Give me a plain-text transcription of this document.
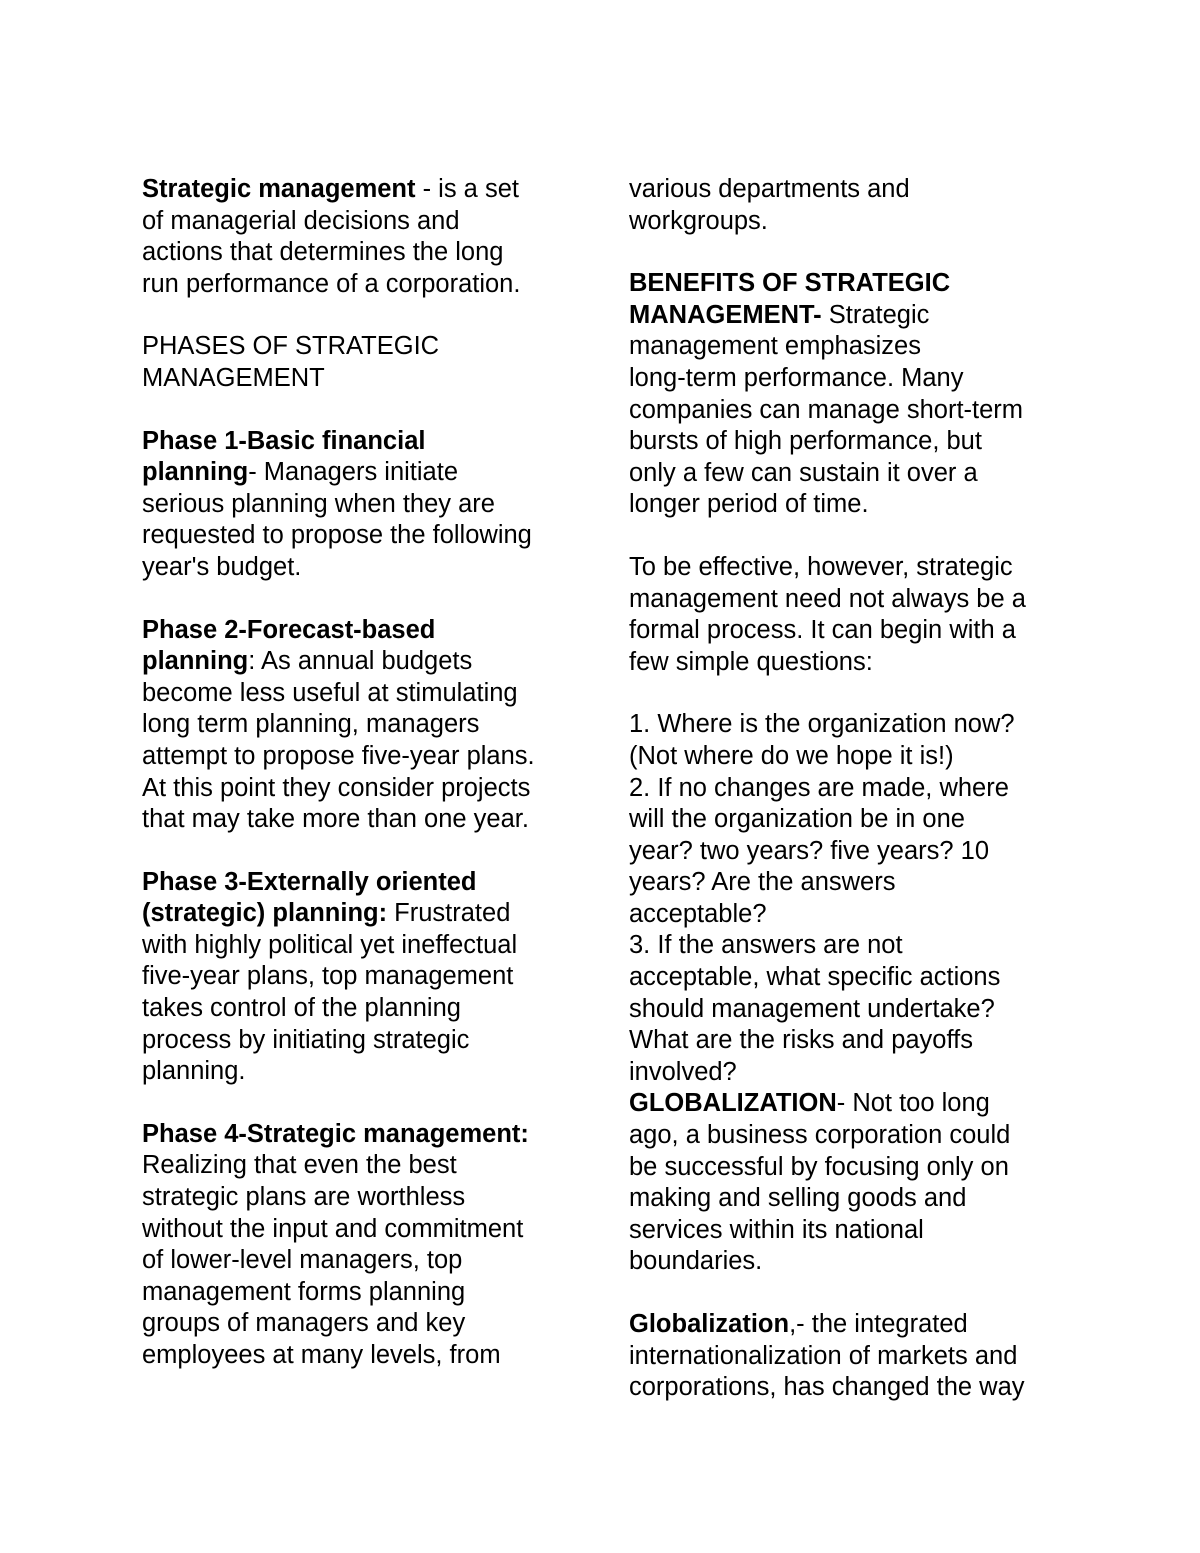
Strategic management - is a set
of managerial decisions and
actions that determines the long
run performance of a corporation.
PHASES OF STRATEGIC
MANAGEMENT
Phase 1-Basic financial
planning- Managers initiate
serious planning when they are
requested to propose the following
year's budget.
Phase 2-Forecast-based
planning: As annual budgets
become less useful at stimulating
long term planning, managers
attempt to propose five-year plans.
At this point they consider projects
that may take more than one year.
Phase 3-Externally oriented
(strategic) planning: Frustrated
with highly political yet ineffectual
five-year plans, top management
takes control of the planning
process by initiating strategic
planning.
Phase 4-Strategic management:
Realizing that even the best
strategic plans are worthless
without the input and commitment
of lower-level managers, top
management forms planning
groups of managers and key
employees at many levels, from
various departments and
workgroups.
BENEFITS OF STRATEGIC
MANAGEMENT- Strategic
management emphasizes
long-term performance. Many
companies can manage short-term
bursts of high performance, but
only a few can sustain it over a
longer period of time.
To be effective, however, strategic
management need not always be a
formal process. It can begin with a
few simple questions:
1. Where is the organization now?
(Not where do we hope it is!)
2. If no changes are made, where
will the organization be in one
year? two years? five years? 10
years? Are the answers
acceptable?
3. If the answers are not
acceptable, what specific actions
should management undertake?
What are the risks and payoffs
involved?
GLOBALIZATION- Not too long
ago, a business corporation could
be successful by focusing only on
making and selling goods and
services within its national
boundaries.
Globalization,- the integrated
internationalization of markets and
corporations, has changed the way
